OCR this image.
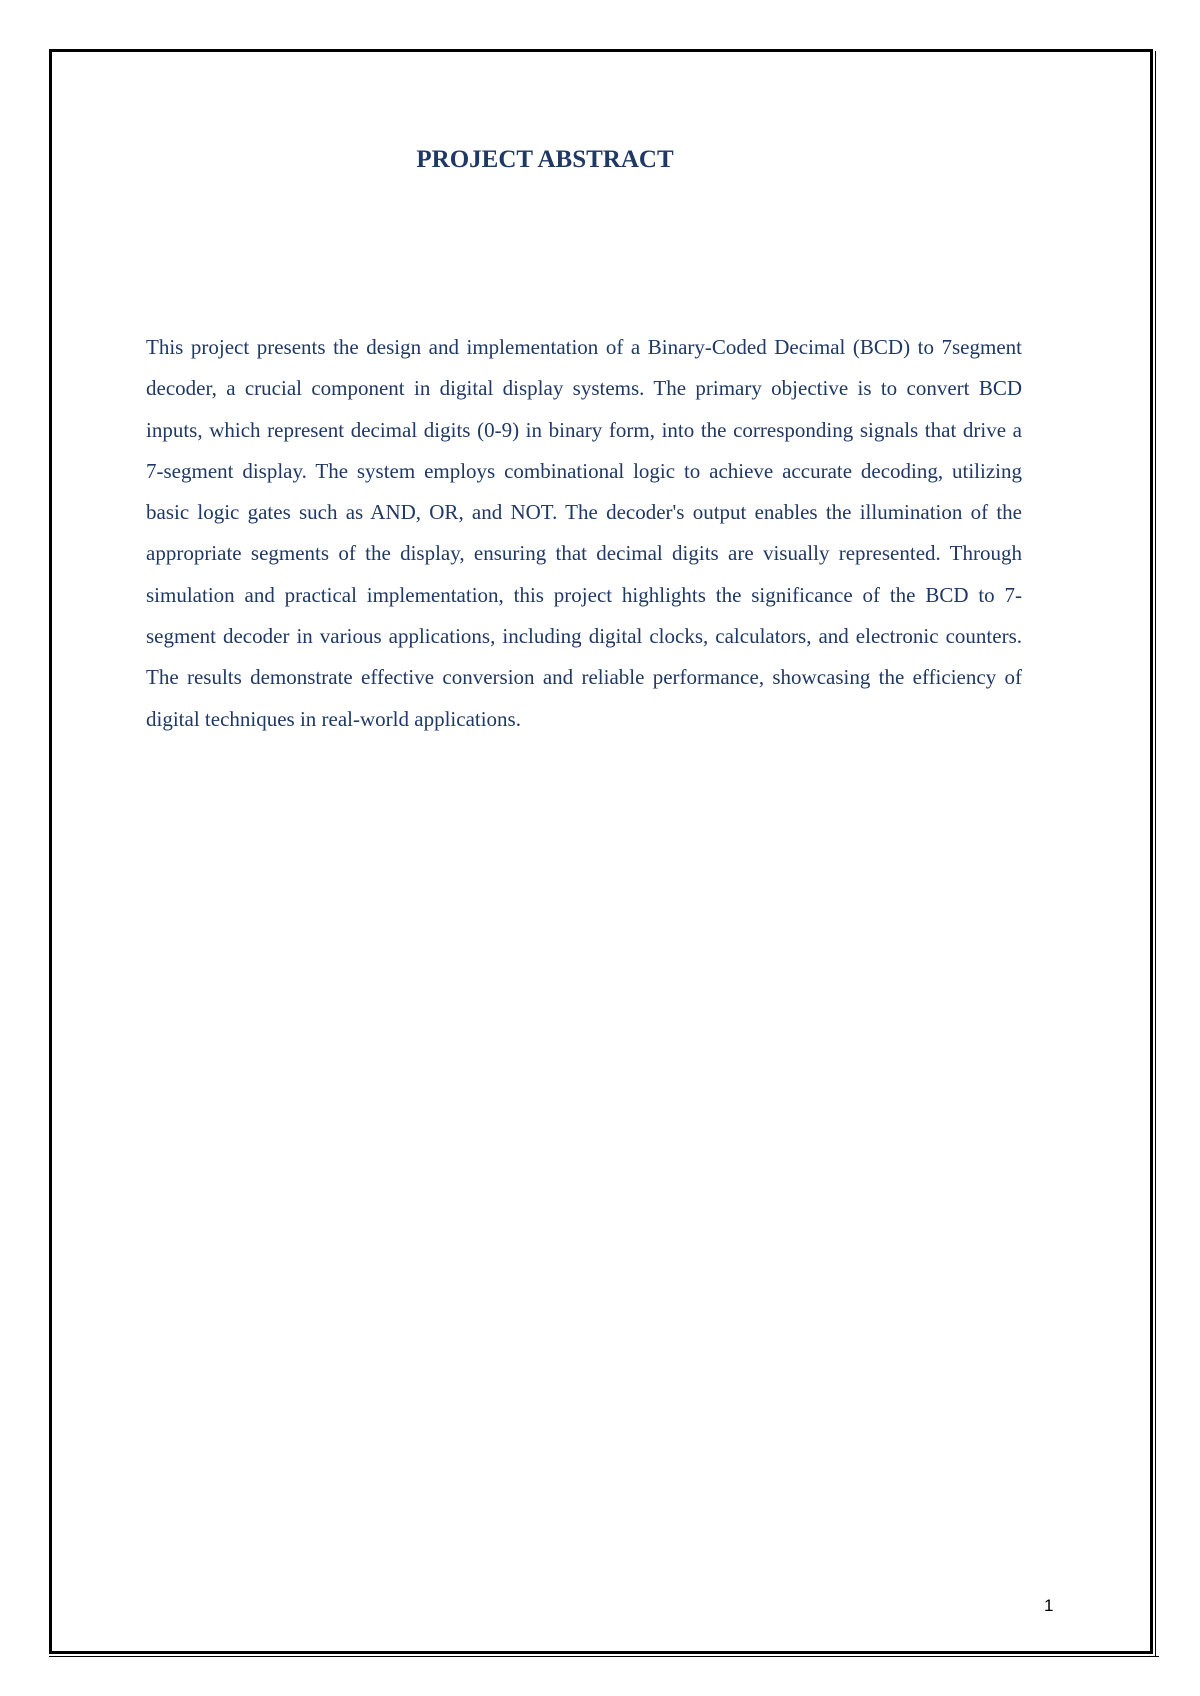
PROJECT ABSTRACT

This project presents the design and implementation of a Binary-Coded Decimal (BCD) to 7segment decoder, a crucial component in digital display systems. The primary objective is to convert BCD inputs, which represent decimal digits (0-9) in binary form, into the corresponding signals that drive a 7-segment display. The system employs combinational logic to achieve accurate decoding, utilizing basic logic gates such as AND, OR, and NOT. The decoder's output enables the illumination of the appropriate segments of the display, ensuring that decimal digits are visually represented. Through simulation and practical implementation, this project highlights the significance of the BCD to 7-segment decoder in various applications, including digital clocks, calculators, and electronic counters. The results demonstrate effective conversion and reliable performance, showcasing the efficiency of digital techniques in real-world applications.

1
